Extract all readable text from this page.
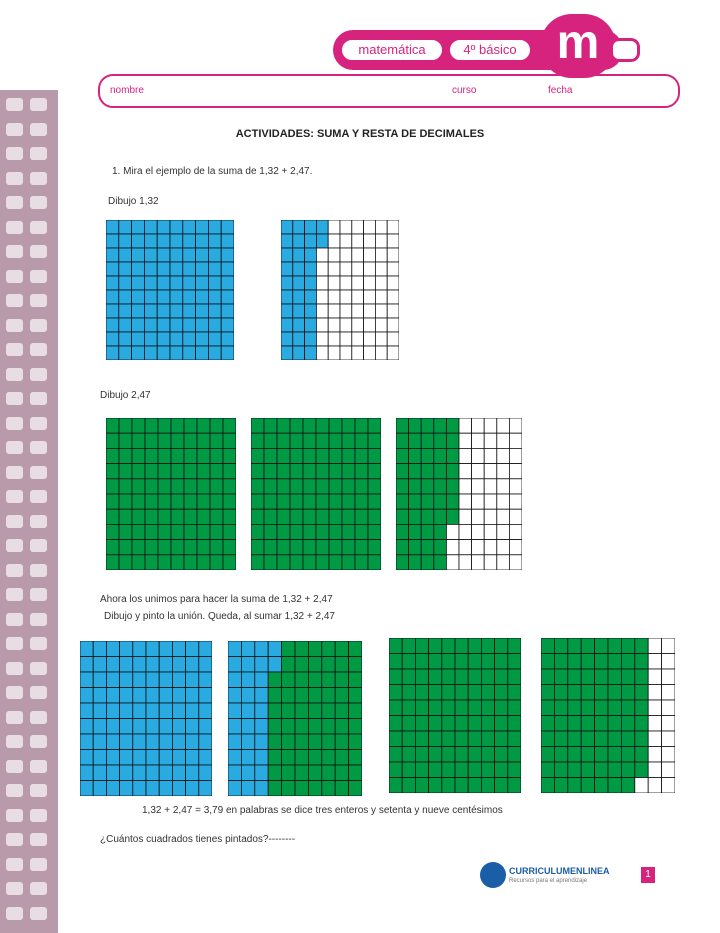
matemática	4º básico m
nombre	curso	fecha
ACTIVIDADES: SUMA Y RESTA DE DECIMALES
1. Mira el ejemplo de la suma de 1,32 + 2,47.
Dibujo 1,32
Dibujo 2,47
Ahora los unimos para hacer la suma de 1,32 + 2,47
Dibujo y pinto la unión. Queda, al sumar 1,32 + 2,47
1,32 + 2,47 = 3,79 en palabras se dice tres enteros y setenta y nueve centésimos
¿Cuántos cuadrados tienes pintados?--------
CURRICULUMENLINEA
Recursos para el aprendizaje
1
